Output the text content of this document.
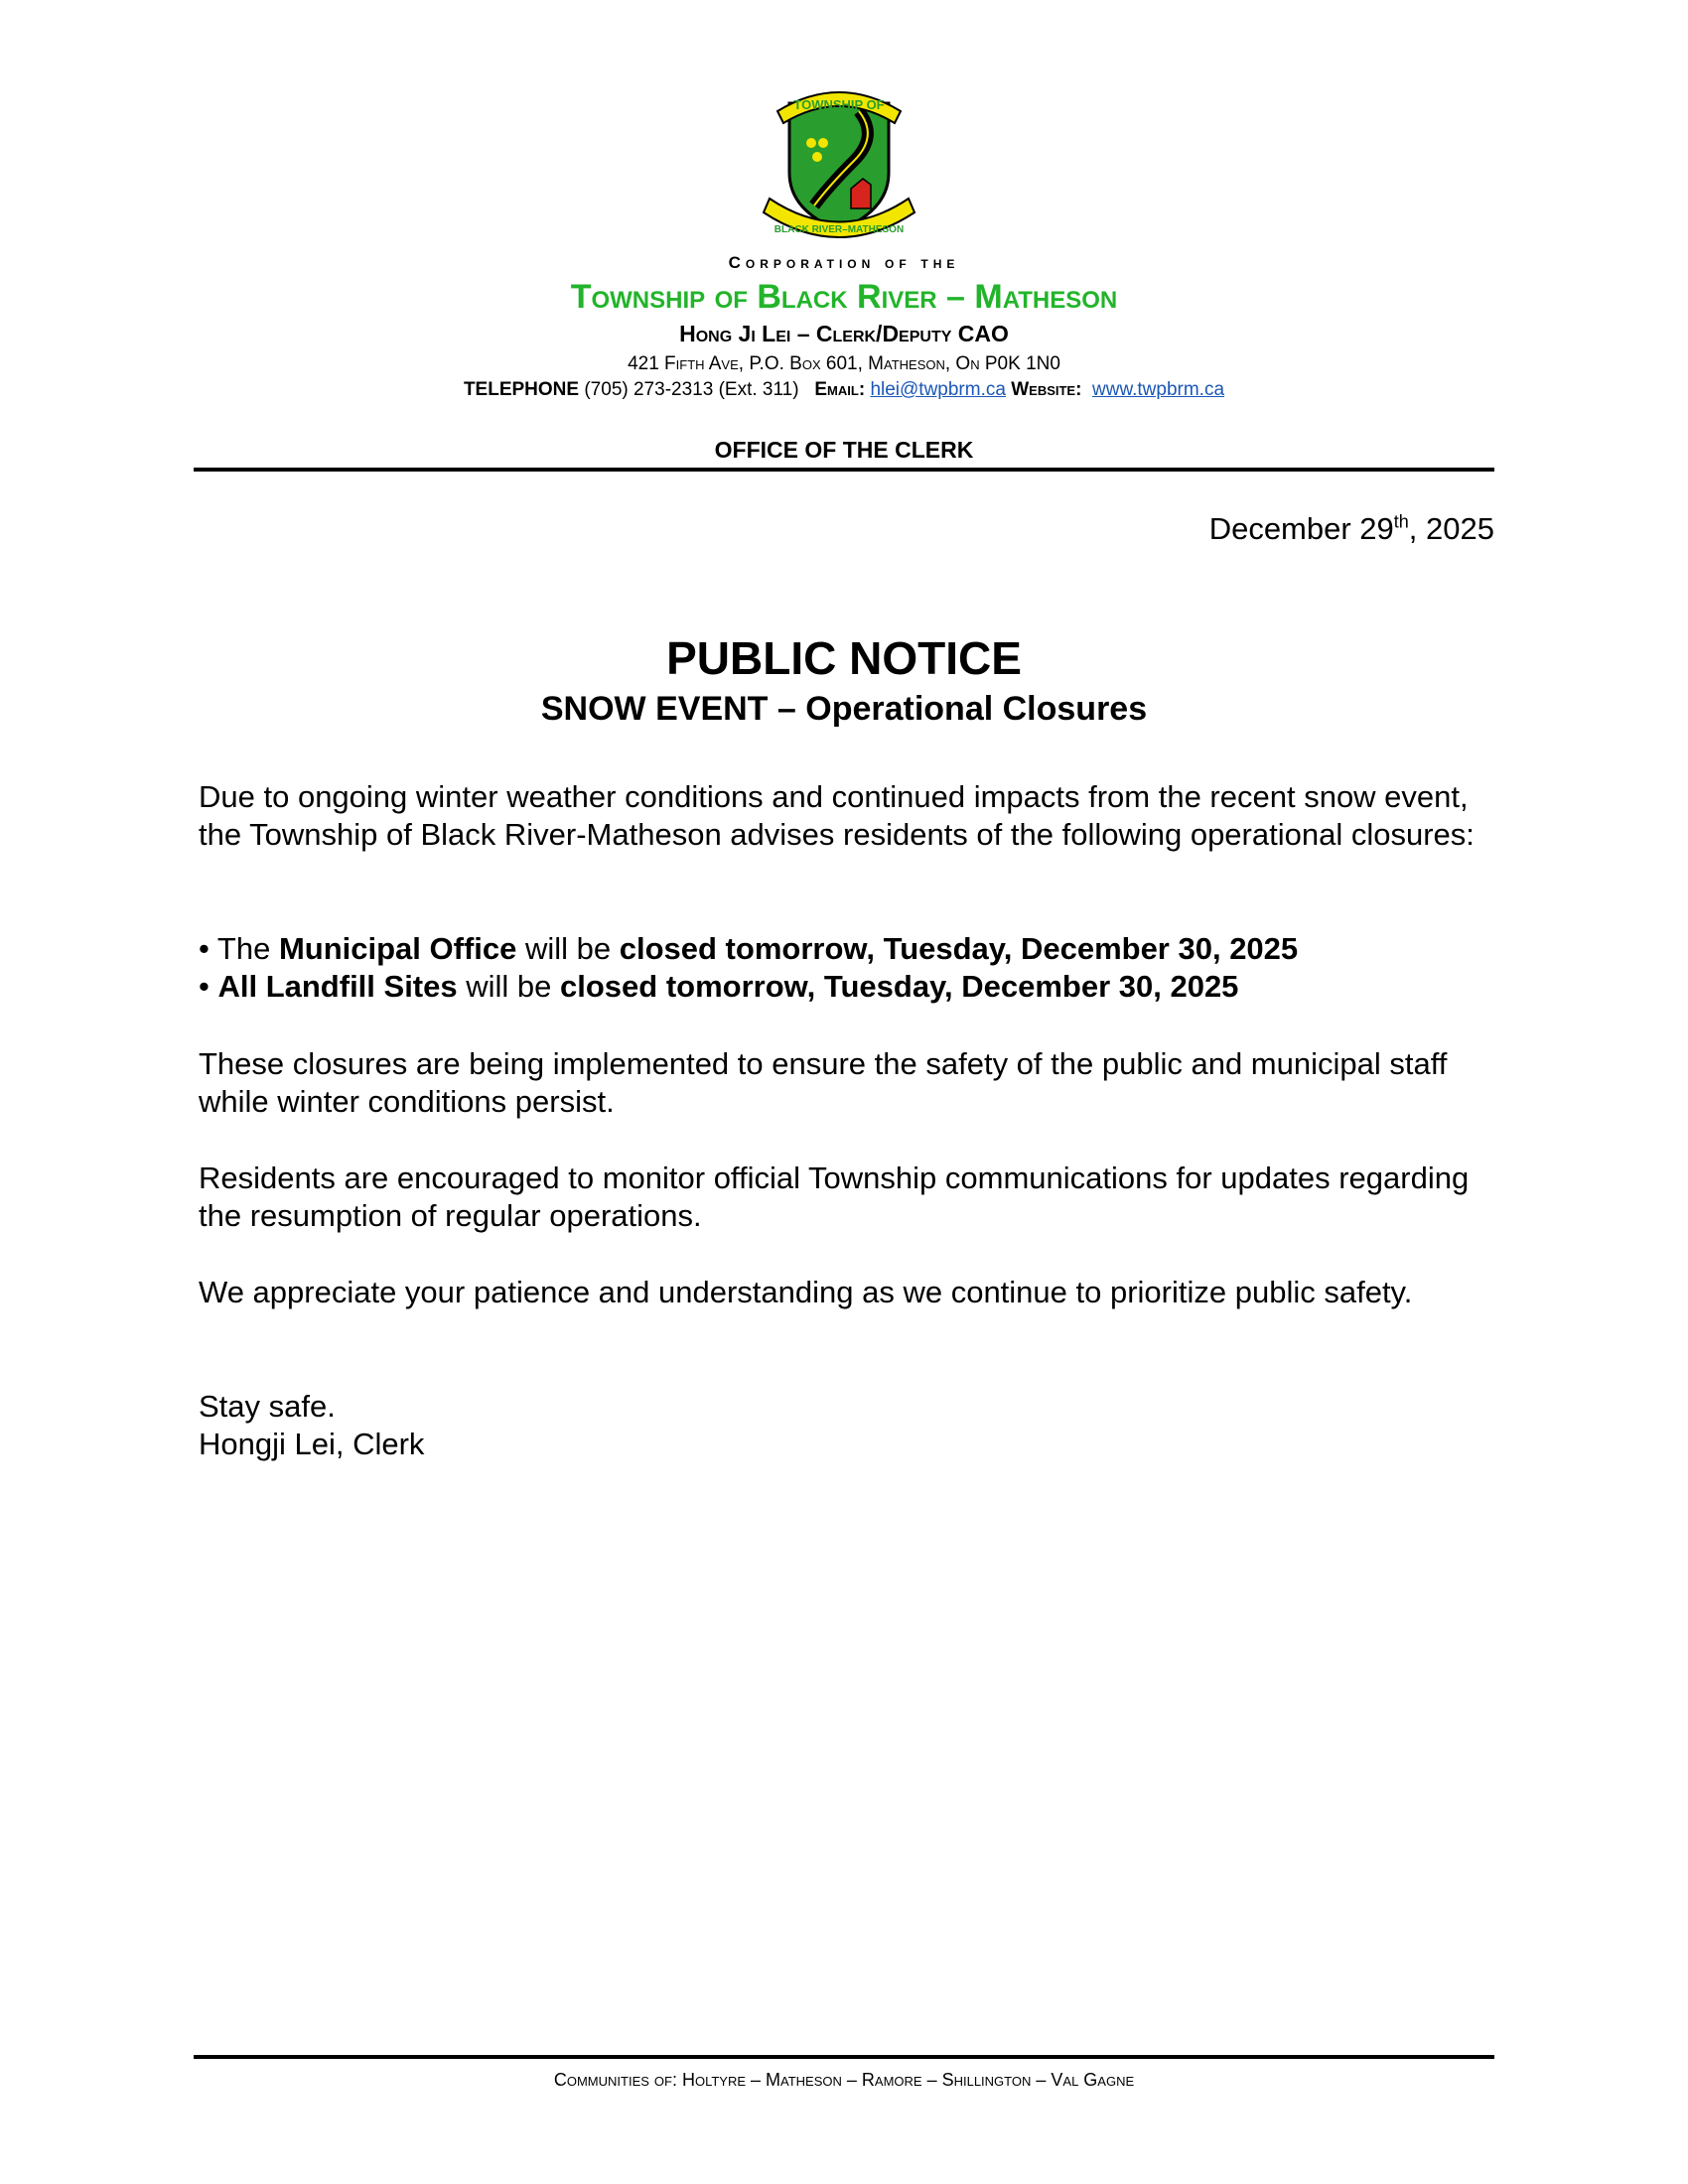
TOWNSHIP OF
BLACK RIVER–MATHESON
Corporation of the
Township of Black River – Matheson
Hong Ji Lei – Clerk/Deputy CAO
421 Fifth Ave, P.O. Box 601, Matheson, On P0K 1N0
TELEPHONE (705) 273-2313 (Ext. 311) Email: hlei@twpbrm.ca Website: www.twpbrm.ca
OFFICE OF THE CLERK
December 29th, 2025
PUBLIC NOTICE
SNOW EVENT – Operational Closures
Due to ongoing winter weather conditions and continued impacts from the recent snow event, the Township of Black River-Matheson advises residents of the following operational closures:
• The Municipal Office will be closed tomorrow, Tuesday, December 30, 2025
• All Landfill Sites will be closed tomorrow, Tuesday, December 30, 2025
These closures are being implemented to ensure the safety of the public and municipal staff while winter conditions persist.
Residents are encouraged to monitor official Township communications for updates regarding the resumption of regular operations.
We appreciate your patience and understanding as we continue to prioritize public safety.
Stay safe.
Hongji Lei, Clerk
Communities of: Holtyre – Matheson – Ramore – Shillington – Val Gagne
